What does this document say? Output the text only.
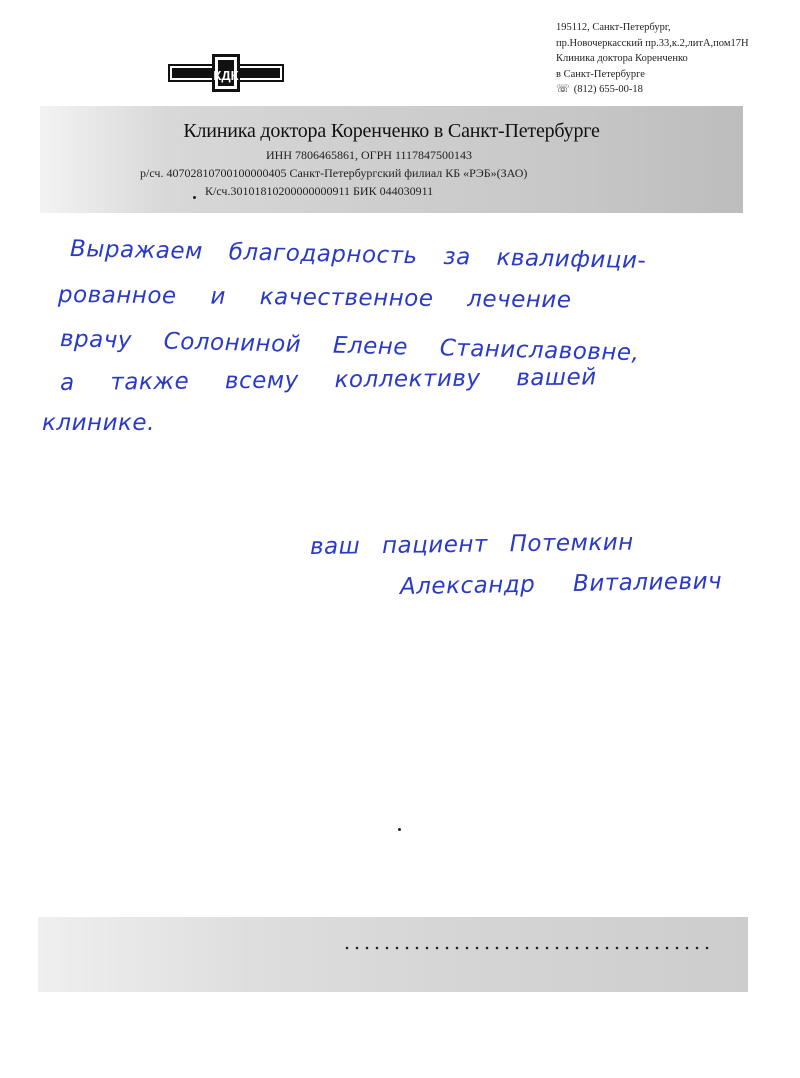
195112, Санкт-Петербург,
пр.Новочеркасский пр.33,к.2,литА,пом17Н
Клиника доктора Коренченко
в Санкт-Петербурге
☏ (812) 655-00-18
КДК
Клиника доктора Коренченко в Санкт-Петербурге
ИНН 7806465861, ОГРН 1117847500143
р/сч. 40702810700100000405 Санкт-Петербургский филиал КБ «РЭБ»(ЗАО)
К/сч.30101810200000000911 БИК 044030911
Выражаем благодарность за квалифици-
рованное и качественное лечение
врачу Солониной Елене Станиславовне,
а также всему коллективу вашей
клинике.
ваш пациент Потемкин
Александр Виталиевич
